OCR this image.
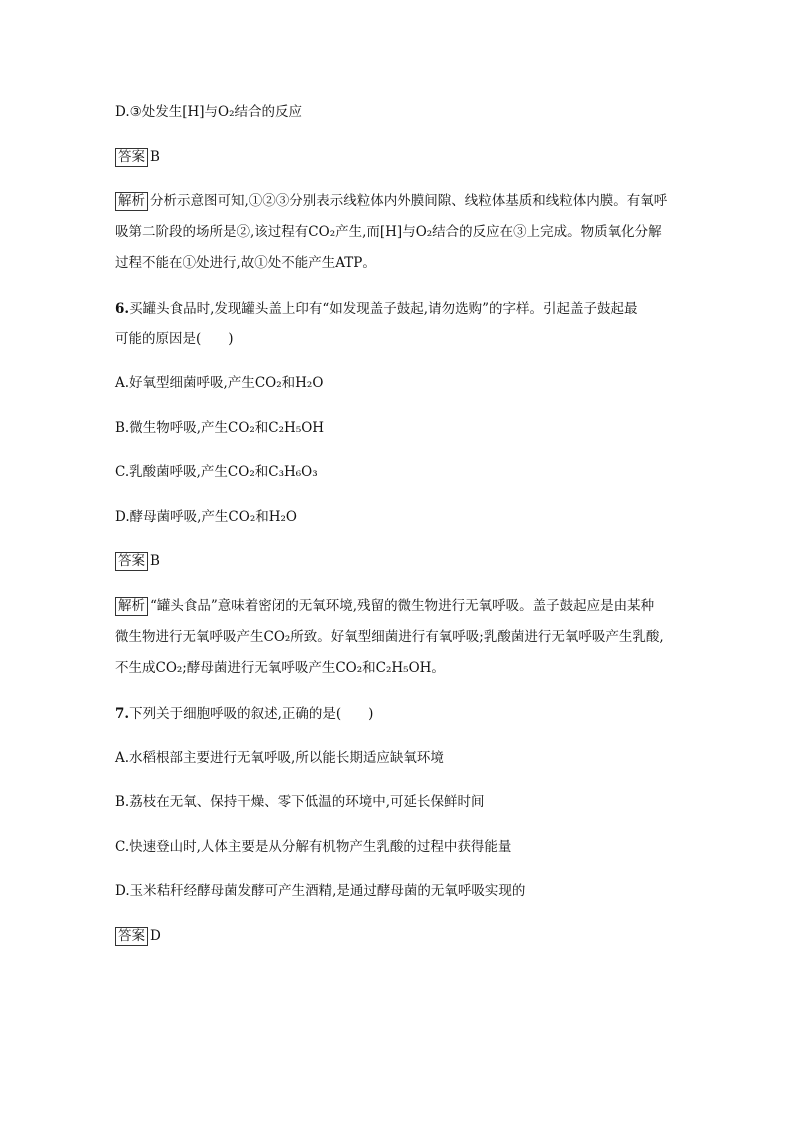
D.③处发生[H]与O₂结合的反应
答案 B
解析 分析示意图可知,①②③分别表示线粒体内外膜间隙、线粒体基质和线粒体内膜。有氧呼
吸第二阶段的场所是②,该过程有CO₂产生,而[H]与O₂结合的反应在③上完成。物质氧化分解
过程不能在①处进行,故①处不能产生ATP。
6.买罐头食品时,发现罐头盖上印有“如发现盖子鼓起,请勿选购”的字样。引起盖子鼓起最
可能的原因是(　　)
A.好氧型细菌呼吸,产生CO₂和H₂O
B.微生物呼吸,产生CO₂和C₂H₅OH
C.乳酸菌呼吸,产生CO₂和C₃H₆O₃
D.酵母菌呼吸,产生CO₂和H₂O
答案 B
解析 “罐头食品”意味着密闭的无氧环境,残留的微生物进行无氧呼吸。盖子鼓起应是由某种
微生物进行无氧呼吸产生CO₂所致。好氧型细菌进行有氧呼吸;乳酸菌进行无氧呼吸产生乳酸,
不生成CO₂;酵母菌进行无氧呼吸产生CO₂和C₂H₅OH。
7.下列关于细胞呼吸的叙述,正确的是(　　)
A.水稻根部主要进行无氧呼吸,所以能长期适应缺氧环境
B.荔枝在无氧、保持干燥、零下低温的环境中,可延长保鲜时间
C.快速登山时,人体主要是从分解有机物产生乳酸的过程中获得能量
D.玉米秸秆经酵母菌发酵可产生酒精,是通过酵母菌的无氧呼吸实现的
答案 D
